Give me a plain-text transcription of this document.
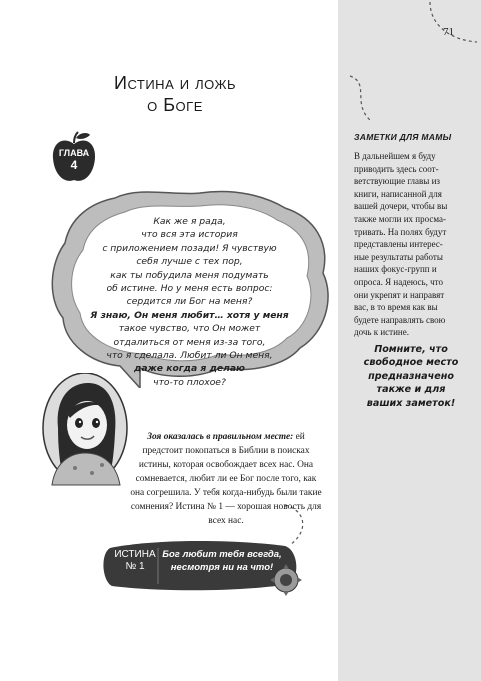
71
Истина и ложь
о Боге
ГЛАВА
4
Как же я рада,
что вся эта история
с приложением позади! Я чувствую
себя лучше с тех пор,
как ты побудила меня подумать
об истине. Но у меня есть вопрос:
сердится ли Бог на меня?
Я знаю, Он меня любит… хотя у меня
такое чувство, что Он может
отдалиться от меня из-за того,
что я сделала. Любит ли Он меня,
даже когда я делаю
что-то плохое?
Зоя оказалась в правильном месте: ей предстоит покопаться в Библии в поисках истины, которая освобождает всех нас. Она сомневается, любит ли ее Бог после того, как она согрешила. У тебя когда-нибудь были такие сомнения? Истина № 1 — хорошая новость для всех нас.
ИСТИНА
№ 1
Бог любит тебя всегда,
несмотря ни на что!
ЗАМЕТКИ ДЛЯ МАМЫ
В дальнейшем я буду
приводить здесь соот-
ветствующие главы из
книги, написанной для
вашей дочери, чтобы вы
также могли их просма-
тривать. На полях будут
представлены интерес-
ные результаты работы
наших фокус-групп и
опроса. Я надеюсь, что
они укрепят и направят
вас, в то время как вы
будете направлять свою
дочь к истине.
Помните, что
свободное место
предназначено
также и для
ваших заметок!
